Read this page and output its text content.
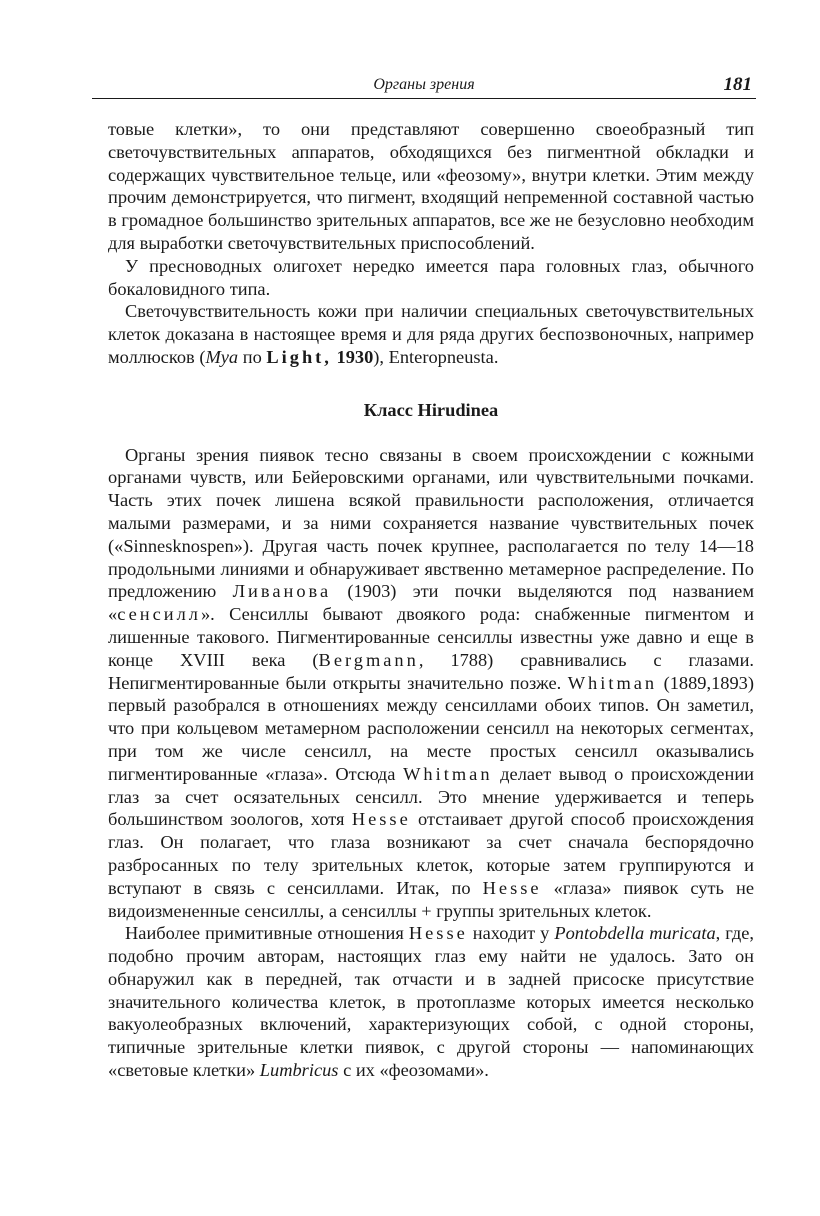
Органы зрения	181

товые клетки», то они представляют совершенно своеобразный тип светочувствительных аппаратов, обходящихся без пигментной обкладки и содержащих чувствительное тельце, или «феозому», внутри клетки. Этим между прочим демонстрируется, что пигмент, входящий непременной составной частью в громадное большинство зрительных аппаратов, все же не безусловно необходим для выработки светочувствительных приспособлений.

У пресноводных олигохет нередко имеется пара головных глаз, обычного бокаловидного типа.

Светочувствительность кожи при наличии специальных светочувствительных клеток доказана в настоящее время и для ряда других беспозвоночных, например моллюсков (Mya по Light, 1930), Enteropneusta.

Класс Hirudinea

Органы зрения пиявок тесно связаны в своем происхождении с кожными органами чувств, или Бейеровскими органами, или чувствительными почками. Часть этих почек лишена всякой правильности расположения, отличается малыми размерами, и за ними сохраняется название чувствительных почек («Sinnesknospen»). Другая часть почек крупнее, располагается по телу 14—18 продольными линиями и обнаруживает явственно метамерное распределение. По предложению Ливанова (1903) эти почки выделяются под названием «сенсилл». Сенсиллы бывают двоякого рода: снабженные пигментом и лишенные такового. Пигментированные сенсиллы известны уже давно и еще в конце XVIII века (Bergmann, 1788) сравнивались с глазами. Непигментированные были открыты значительно позже. Whitman (1889,1893) первый разобрался в отношениях между сенсиллами обоих типов. Он заметил, что при кольцевом метамерном расположении сенсилл на некоторых сегментах, при том же числе сенсилл, на месте простых сенсилл оказывались пигментированные «глаза». Отсюда Whitman делает вывод о происхождении глаз за счет осязательных сенсилл. Это мнение удерживается и теперь большинством зоологов, хотя Hesse отстаивает другой способ происхождения глаз. Он полагает, что глаза возникают за счет сначала беспорядочно разбросанных по телу зрительных клеток, которые затем группируются и вступают в связь с сенсиллами. Итак, по Hesse «глаза» пиявок суть не видоизмененные сенсиллы, а сенсиллы + группы зрительных клеток.

Наиболее примитивные отношения Hesse находит у Pontobdella muricata, где, подобно прочим авторам, настоящих глаз ему найти не удалось. Зато он обнаружил как в передней, так отчасти и в задней присоске присутствие значительного количества клеток, в протоплазме которых имеется несколько вакуолеобразных включений, характеризующих собой, с одной стороны, типичные зрительные клетки пиявок, с другой стороны — напоминающих «световые клетки» Lumbricus с их «феозомами».
